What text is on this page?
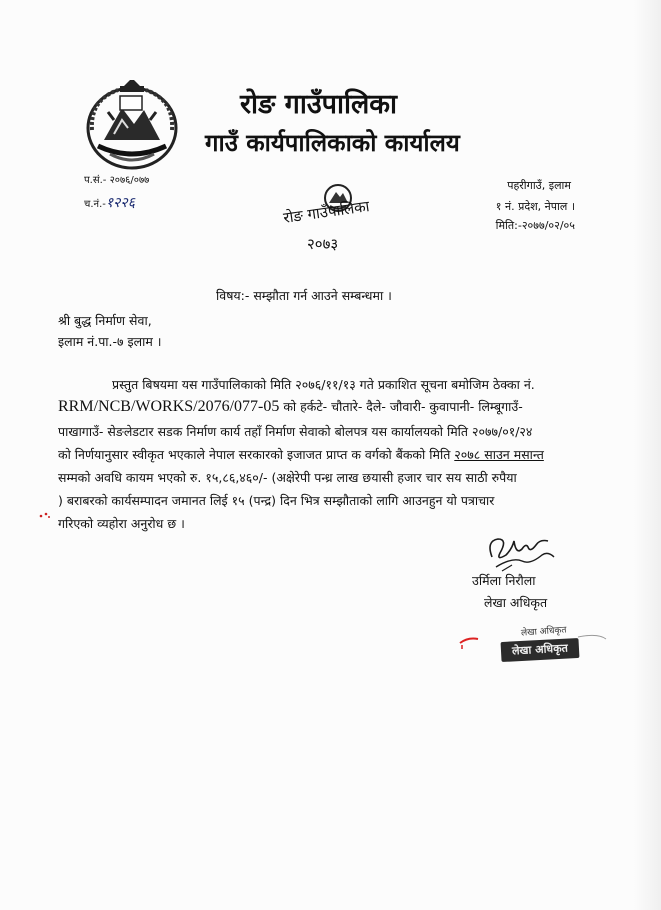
रोङ गाउँपालिका
गाउँ कार्यपालिकाको कार्यालय
प.सं.- २०७६/०७७
च.नं.-१२२६
पहरीगाउँ, इलाम
१ नं. प्रदेश, नेपाल ।
मिति:-२०७७/०२/०५
रोङ गाउँपालिका
२०७३
विषय:- सम्झौता गर्न आउने सम्बन्धमा ।
श्री बुद्ध निर्माण सेवा,
इलाम नं.पा.-७ इलाम ।
प्रस्तुत बिषयमा यस गाउँपालिकाको मिति २०७६/११/१३ गते प्रकाशित सूचना बमोजिम ठेक्का नं.
RRM/NCB/WORKS/2076/077-05 को हर्कटे- चौतारे- दैले- जौवारी- कुवापानी- लिम्बूगाउँ-
पाखागाउँ- सेङलेडटार सडक निर्माण कार्य तहाँ निर्माण सेवाको बोलपत्र यस कार्यालयको मिति २०७७/०१/२४
को निर्णयानुसार स्वीकृत भएकाले नेपाल सरकारको इजाजत प्राप्त क वर्गको बैंकको मिति २०७८ साउन मसान्त
सम्मको अवधि कायम भएको रु. १५,८६,४६०/- (अक्षेरेपी पन्ध्र लाख छयासी हजार चार सय साठी रुपैया
) बराबरको कार्यसम्पादन जमानत लिई १५ (पन्द्र) दिन भित्र सम्झौताको लागि आउनहुन यो पत्राचार
गरिएको व्यहोरा अनुरोध छ ।
उर्मिला निरौला
लेखा अधिकृत
लेखा अधिकृत
लेखा अधिकृत
